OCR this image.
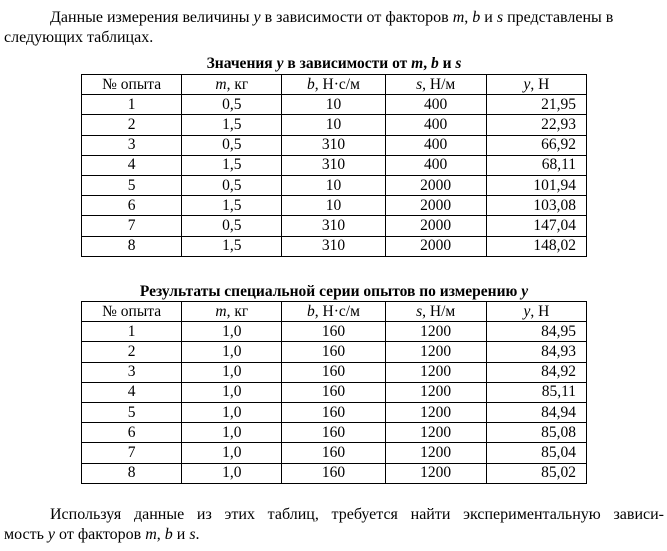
Данные измерения величины y в зависимости от факторов m, b и s представлены в
следующих таблицах.
Значения y в зависимости от m, b и s
№ опыта	m, кг	b, Н·с/м	s, Н/м	y, Н
1	0,5	10	400	21,95
2	1,5	10	400	22,93
3	0,5	310	400	66,92
4	1,5	310	400	68,11
5	0,5	10	2000	101,94
6	1,5	10	2000	103,08
7	0,5	310	2000	147,04
8	1,5	310	2000	148,02
Результаты специальной серии опытов по измерению y
№ опыта	m, кг	b, Н·с/м	s, Н/м	y, Н
1	1,0	160	1200	84,95
2	1,0	160	1200	84,93
3	1,0	160	1200	84,92
4	1,0	160	1200	85,11
5	1,0	160	1200	84,94
6	1,0	160	1200	85,08
7	1,0	160	1200	85,04
8	1,0	160	1200	85,02
Используя данные из этих таблиц, требуется найти экспериментальную зависи-
мость y от факторов m, b и s.
